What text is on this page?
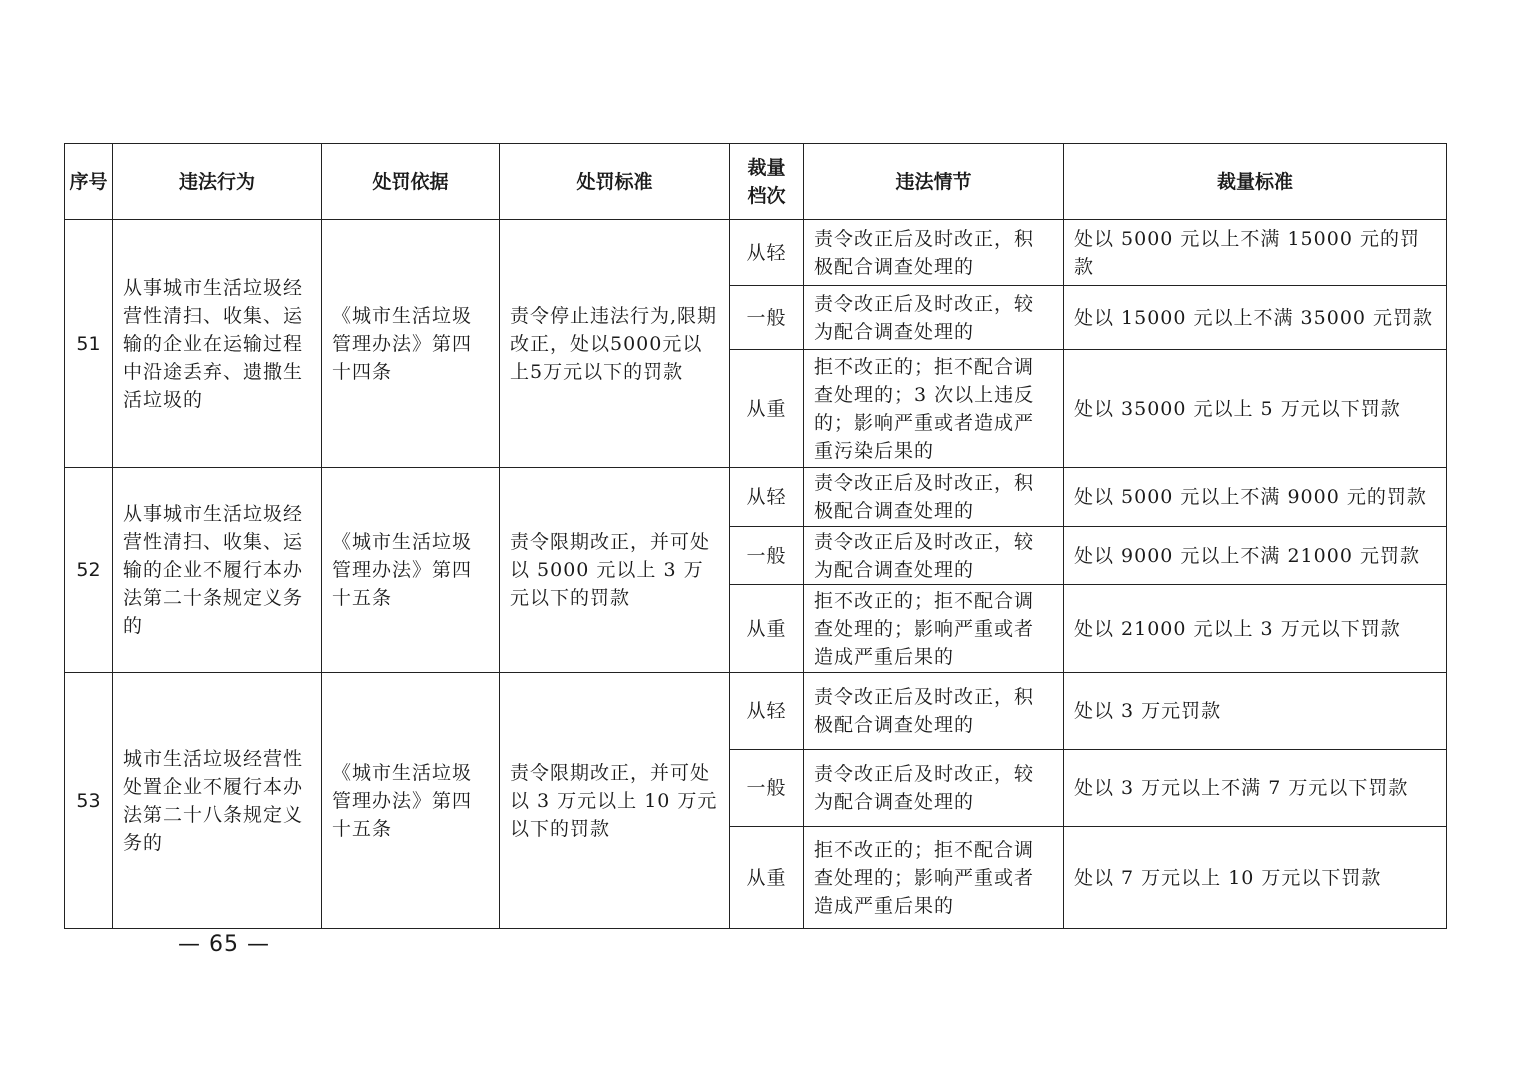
序号	违法行为	处罚依据	处罚标准	裁量档次	违法情节	裁量标准
51	从事城市生活垃圾经营性清扫、收集、运输的企业在运输过程中沿途丢弃、遗撒生活垃圾的	《城市生活垃圾管理办法》第四十四条	责令停止违法行为,限期改正，处以5000元以上5万元以下的罚款	从轻	责令改正后及时改正，积极配合调查处理的	处以 5000 元以上不满 15000 元的罚款
				一般	责令改正后及时改正，较为配合调查处理的	处以 15000 元以上不满 35000 元罚款
				从重	拒不改正的；拒不配合调查处理的；3 次以上违反的；影响严重或者造成严重污染后果的	处以 35000 元以上 5 万元以下罚款
52	从事城市生活垃圾经营性清扫、收集、运输的企业不履行本办法第二十条规定义务的	《城市生活垃圾管理办法》第四十五条	责令限期改正，并可处以 5000 元以上 3 万元以下的罚款	从轻	责令改正后及时改正，积极配合调查处理的	处以 5000 元以上不满 9000 元的罚款
				一般	责令改正后及时改正，较为配合调查处理的	处以 9000 元以上不满 21000 元罚款
				从重	拒不改正的；拒不配合调查处理的；影响严重或者造成严重后果的	处以 21000 元以上 3 万元以下罚款
53	城市生活垃圾经营性处置企业不履行本办法第二十八条规定义务的	《城市生活垃圾管理办法》第四十五条	责令限期改正，并可处以 3 万元以上 10 万元以下的罚款	从轻	责令改正后及时改正，积极配合调查处理的	处以 3 万元罚款
				一般	责令改正后及时改正，较为配合调查处理的	处以 3 万元以上不满 7 万元以下罚款
				从重	拒不改正的；拒不配合调查处理的；影响严重或者造成严重后果的	处以 7 万元以上 10 万元以下罚款
— 65 —
